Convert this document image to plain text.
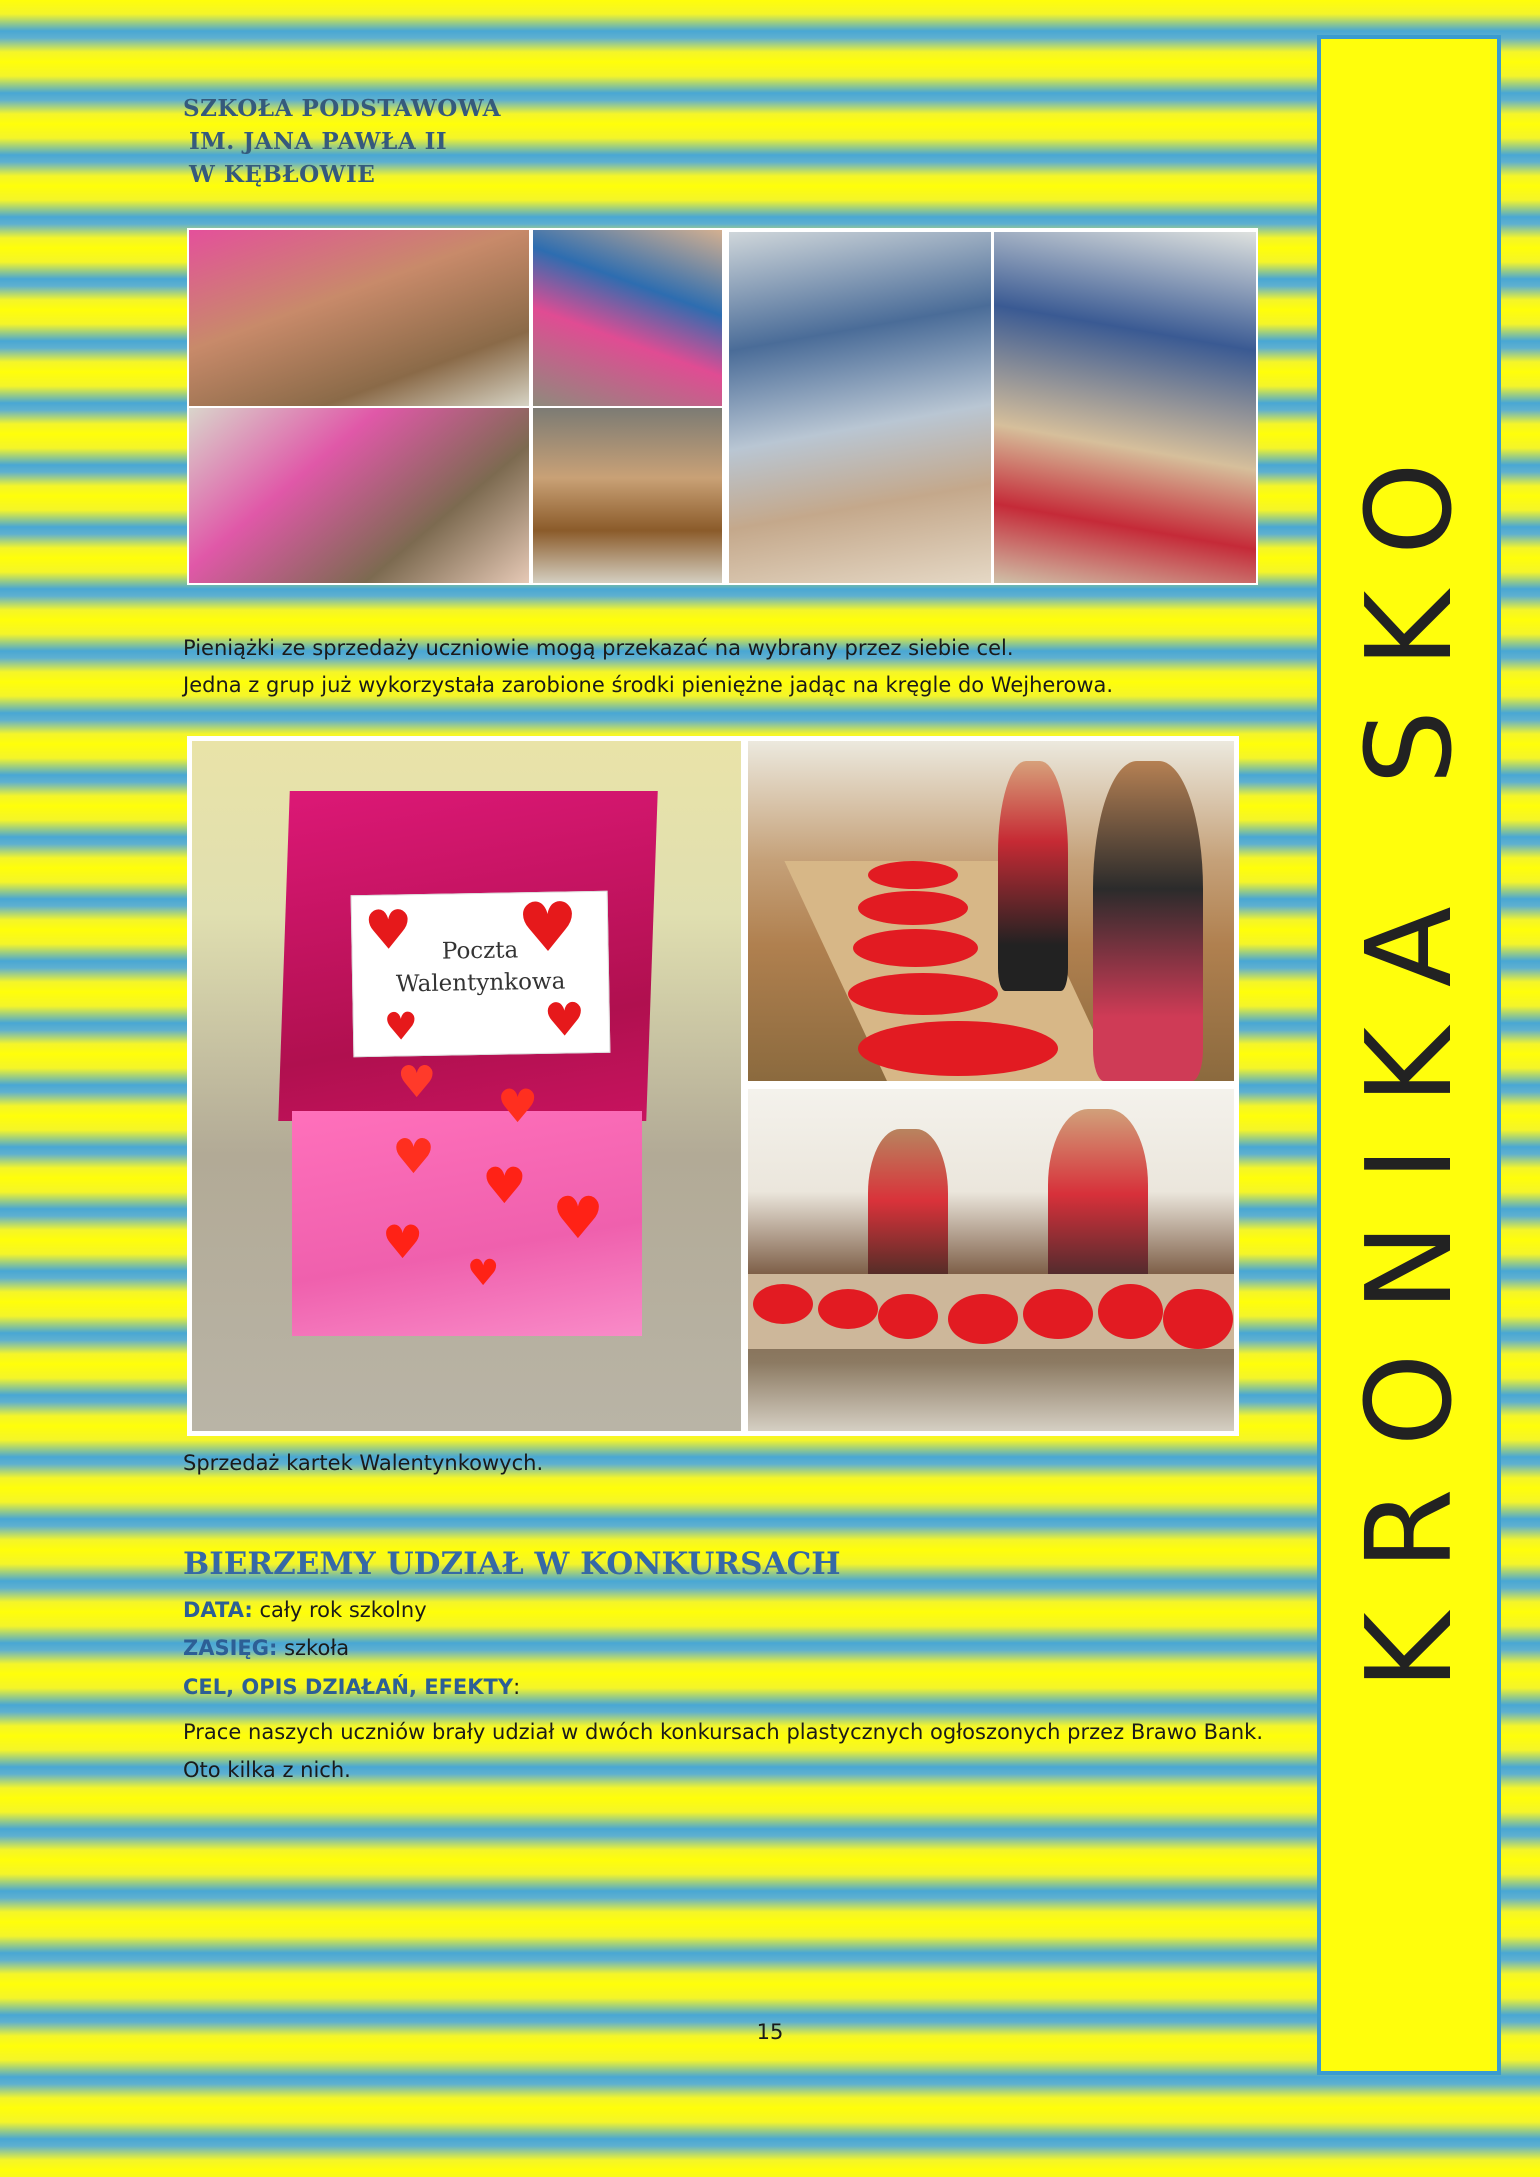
SZKOŁA PODSTAWOWA
IM. JANA PAWŁA II
W KĘBŁOWIE
Pieniążki ze sprzedaży uczniowie mogą przekazać na wybrany przez siebie cel.
Jedna z grup już wykorzystała zarobione środki pieniężne jadąc na kręgle do Wejherowa.
♥ ♥
♥	♥
Poczta
Walentynkowa
♥ ♥
♥ ♥ ♥
♥
♥
Sprzedaż kartek Walentynkowych.
BIERZEMY UDZIAŁ W KONKURSACH
DATA: cały rok szkolny
ZASIĘG: szkoła
CEL, OPIS DZIAŁAŃ, EFEKTY:
Prace naszych uczniów brały udział w dwóch konkursach plastycznych ogłoszonych przez Brawo Bank. Oto kilka z nich.
15
KRONIKA SKO
